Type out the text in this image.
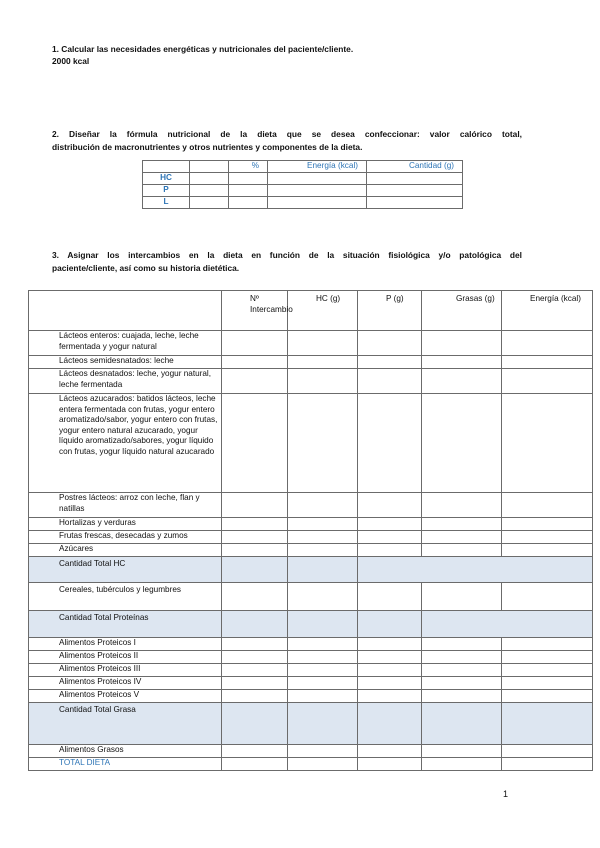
1. Calcular las necesidades energéticas y nutricionales del paciente/cliente.
2000 kcal
2. Diseñar la fórmula nutricional de la dieta que se desea confeccionar: valor calórico total,
distribución de macronutrientes y otros nutrientes y componentes de la dieta.
		%	Energía (kcal)	Cantidad (g)
HC				
P				
L				
3. Asignar los intercambios en la dieta en función de la situación fisiológica y/o patológica del
paciente/cliente, así como su historia dietética.
	Nº Intercambio	HC (g)	P (g)	Grasas (g)	Energía (kcal)
Lácteos enteros: cuajada, leche, leche fermentada y yogur natural					
Lácteos semidesnatados: leche					
Lácteos desnatados: leche, yogur natural, leche fermentada					
Lácteos azucarados: batidos lácteos, leche entera fermentada con frutas, yogur entero aromatizado/sabor, yogur entero con frutas, yogur entero natural azucarado, yogur líquido aromatizado/sabores, yogur líquido con frutas, yogur líquido natural azucarado					
Postres lácteos: arroz con leche, flan y natillas					
Hortalizas y verduras					
Frutas frescas, desecadas y zumos					
Azúcares					
Cantidad Total HC					
Cereales, tubérculos y legumbres					
Cantidad Total Proteínas					
Alimentos Proteicos I					
Alimentos Proteicos II					
Alimentos Proteicos III					
Alimentos Proteicos IV					
Alimentos Proteicos V					
Cantidad Total Grasa					
Alimentos Grasos					
TOTAL DIETA					
1
